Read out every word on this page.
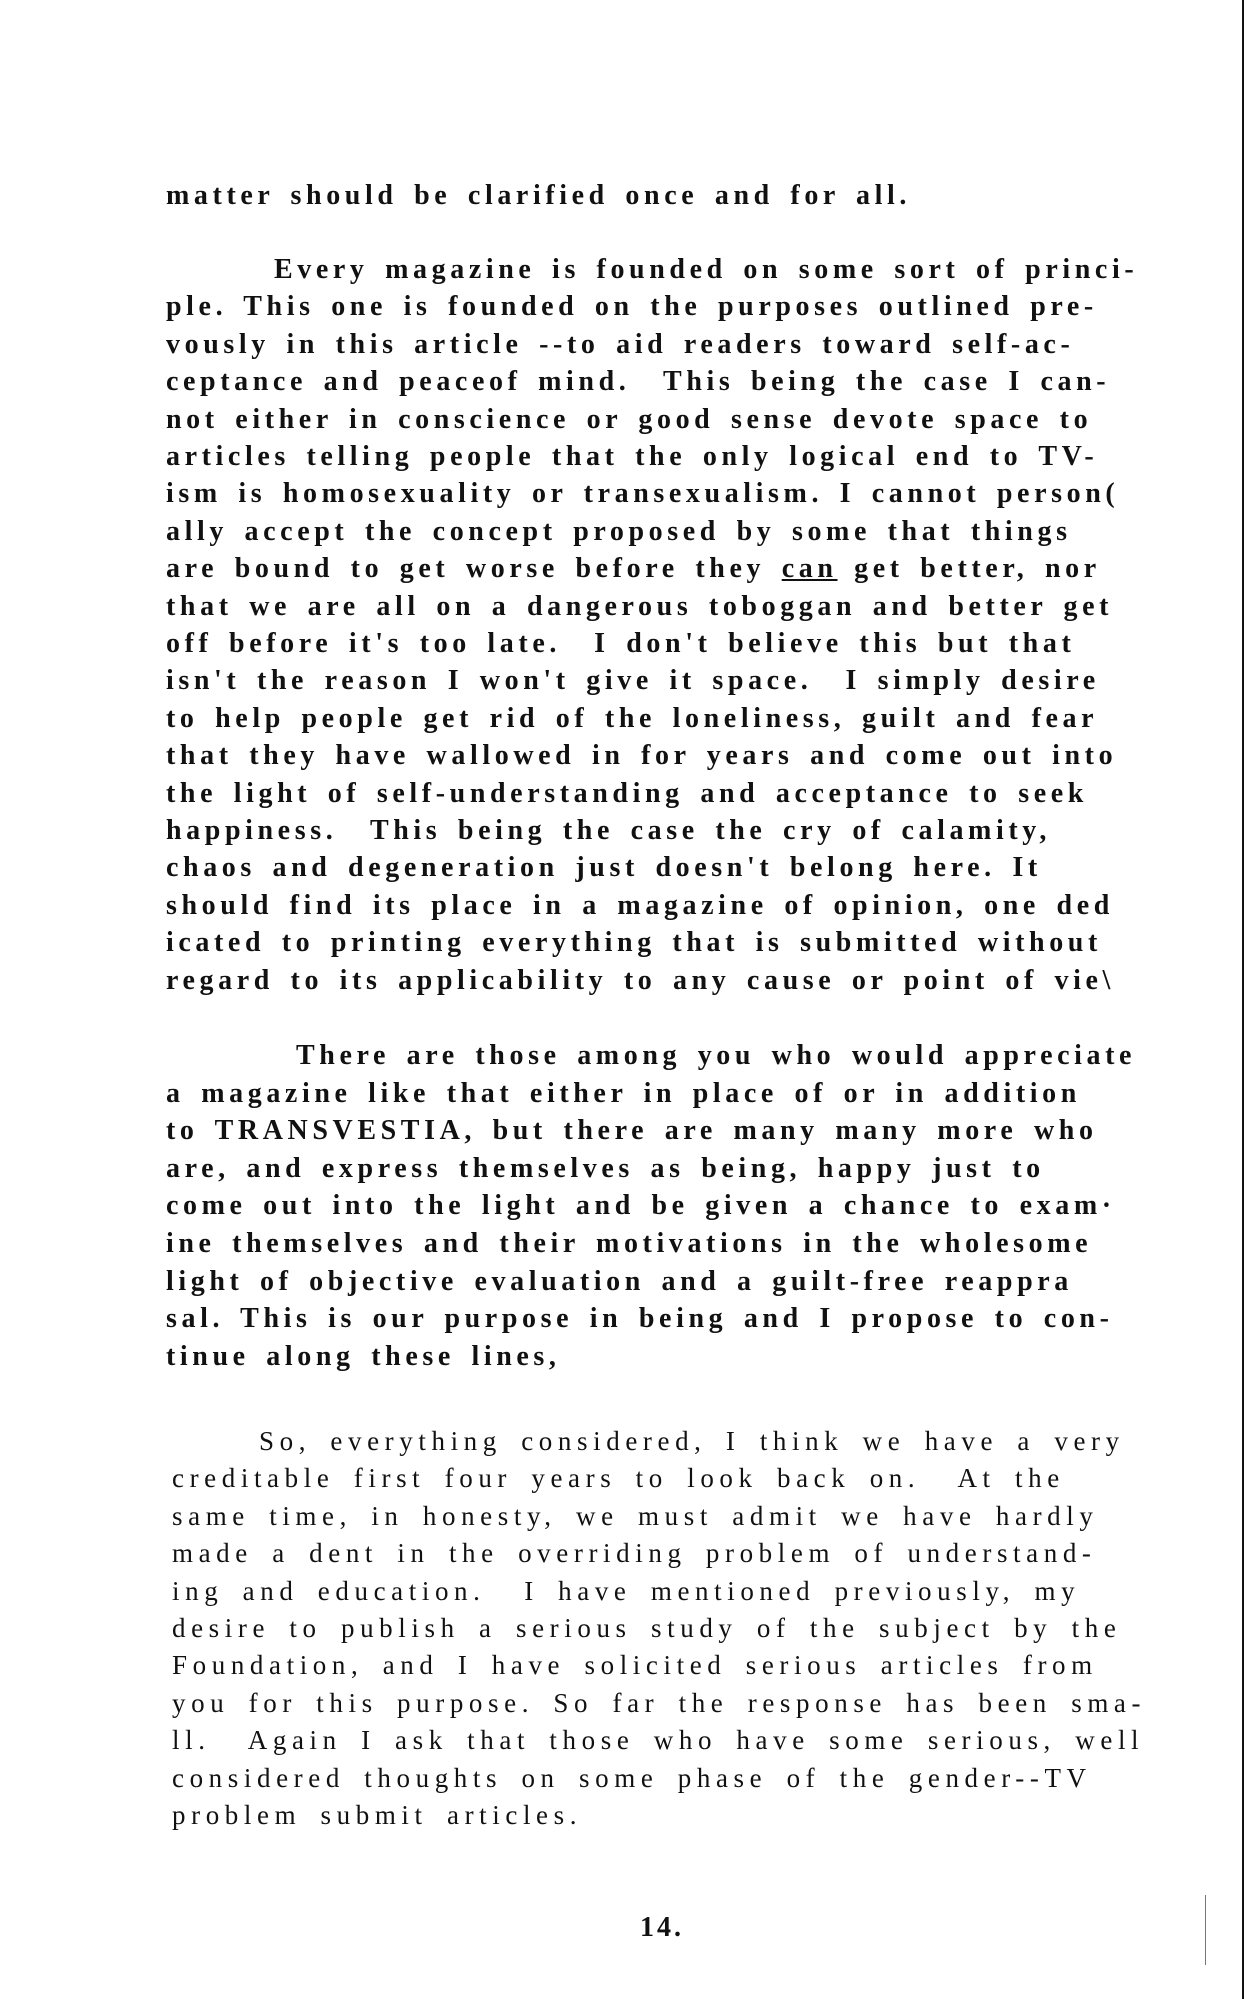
matter should be clarified once and for all.
Every magazine is founded on some sort of princi-
ple. This one is founded on the purposes outlined pre-
vously in this article --to aid readers toward self-ac-
ceptance and peaceof mind.  This being the case I can-
not either in conscience or good sense devote space to
articles telling people that the only logical end to TV-
ism is homosexuality or transexualism. I cannot person(
ally accept the concept proposed by some that things
are bound to get worse before they can get better, nor
that we are all on a dangerous toboggan and better get
off before it's too late.  I don't believe this but that
isn't the reason I won't give it space.  I simply desire
to help people get rid of the loneliness, guilt and fear
that they have wallowed in for years and come out into
the light of self-understanding and acceptance to seek
happiness.  This being the case the cry of calamity,
chaos and degeneration just doesn't belong here. It
should find its place in a magazine of opinion, one ded
icated to printing everything that is submitted without
regard to its applicability to any cause or point of vie\
There are those among you who would appreciate
a magazine like that either in place of or in addition
to TRANSVESTIA, but there are many many more who
are, and express themselves as being, happy just to
come out into the light and be given a chance to exam·
ine themselves and their motivations in the wholesome
light of objective evaluation and a guilt-free reappra
sal. This is our purpose in being and I propose to con-
tinue along these lines,
So, everything considered, I think we have a very
creditable first four years to look back on.  At the
same time, in honesty, we must admit we have hardly
made a dent in the overriding problem of understand-
ing and education.  I have mentioned previously, my
desire to publish a serious study of the subject by the
Foundation, and I have solicited serious articles from
you for this purpose. So far the response has been sma-
ll.  Again I ask that those who have some serious, well
considered thoughts on some phase of the gender--TV
problem submit articles.
14.
